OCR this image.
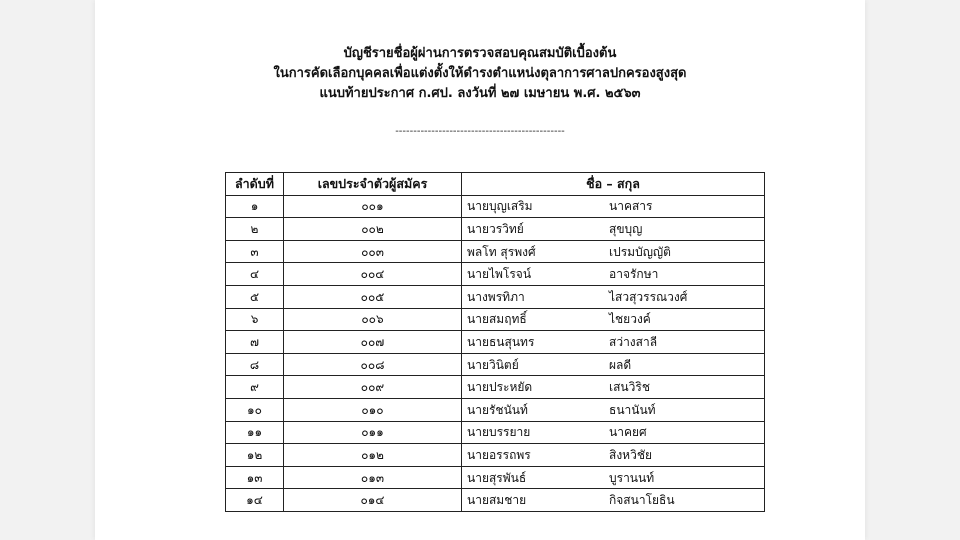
บัญชีรายชื่อผู้ผ่านการตรวจสอบคุณสมบัติเบื้องต้น
ในการคัดเลือกบุคคลเพื่อแต่งตั้งให้ดำรงตำแหน่งตุลาการศาลปกครองสูงสุด
แนบท้ายประกาศ ก.ศป. ลงวันที่ ๒๗ เมษายน พ.ศ. ๒๕๖๓
-----------------------------------------------
ลำดับที่	เลขประจำตัวผู้สมัคร	ชื่อ – สกุล
๑	๐๐๑	นายบุญเสริม นาคสาร
๒	๐๐๒	นายวรวิทย์ สุขบุญ
๓	๐๐๓	พลโท สุรพงศ์ เปรมบัญญัติ
๔	๐๐๔	นายไพโรจน์ อาจรักษา
๕	๐๐๕	นางพรทิภา ไสวสุวรรณวงศ์
๖	๐๐๖	นายสมฤทธิ์ ไชยวงค์
๗	๐๐๗	นายธนสุนทร สว่างสาลี
๘	๐๐๘	นายวินิตย์ ผลดี
๙	๐๐๙	นายประหยัด เสนวิริช
๑๐	๐๑๐	นายรัชนันท์ ธนานันท์
๑๑	๐๑๑	นายบรรยาย นาคยศ
๑๒	๐๑๒	นายอรรถพร สิงหวิชัย
๑๓	๐๑๓	นายสุรพันธ์ บูรานนท์
๑๔	๐๑๔	นายสมชาย กิจสนาโยธิน
